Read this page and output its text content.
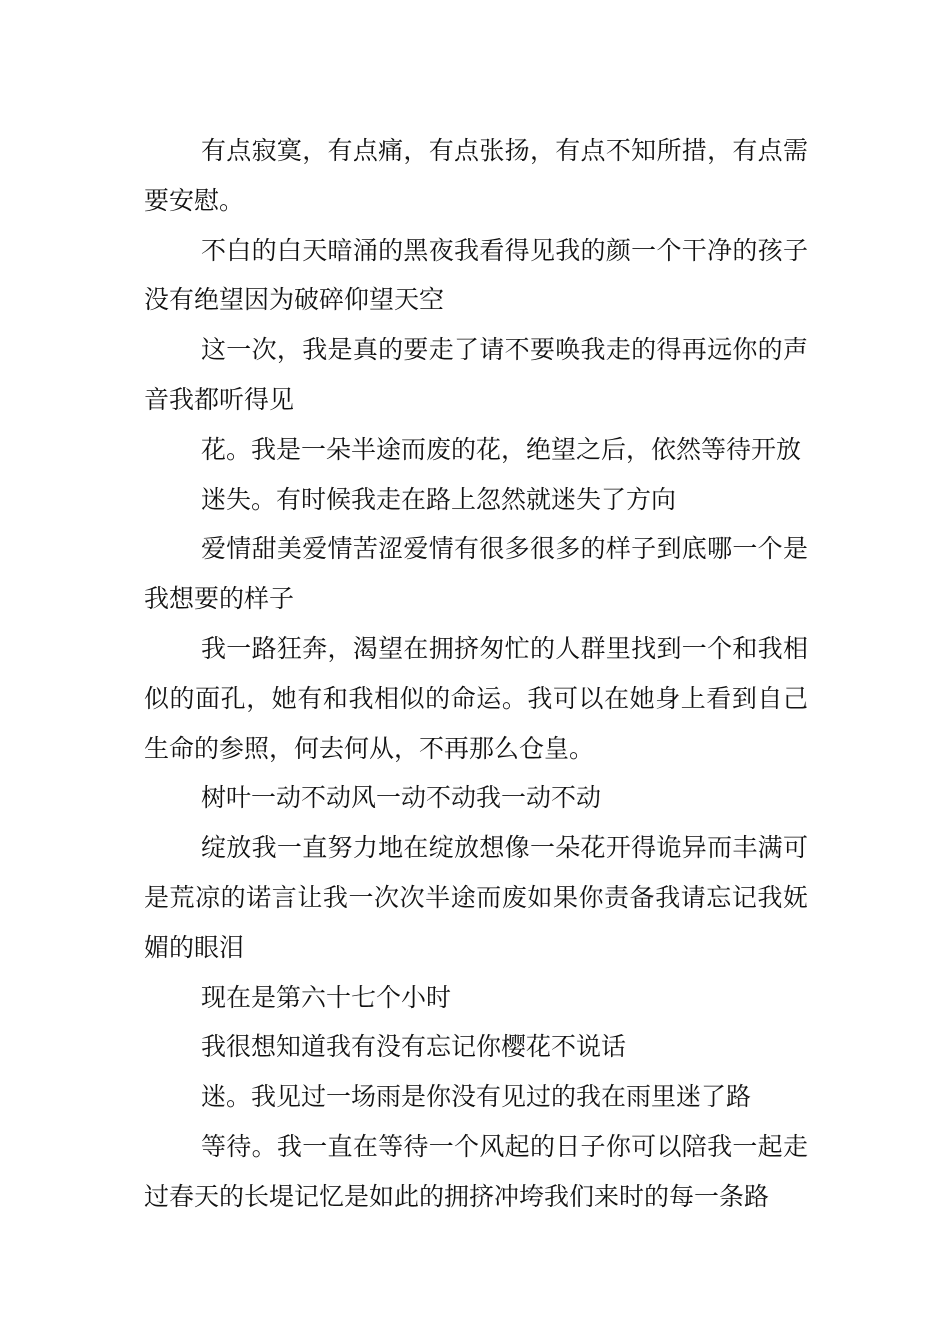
有点寂寞，有点痛，有点张扬，有点不知所措，有点需要安慰。

不白的白天暗涌的黑夜我看得见我的颜一个干净的孩子没有绝望因为破碎仰望天空

这一次，我是真的要走了请不要唤我走的得再远你的声音我都听得见

花。我是一朵半途而废的花，绝望之后，依然等待开放

迷失。有时候我走在路上忽然就迷失了方向

爱情甜美爱情苦涩爱情有很多很多的样子到底哪一个是我想要的样子

我一路狂奔，渴望在拥挤匆忙的人群里找到一个和我相似的面孔，她有和我相似的命运。我可以在她身上看到自己生命的参照，何去何从，不再那么仓皇。

树叶一动不动风一动不动我一动不动

绽放我一直努力地在绽放想像一朵花开得诡异而丰满可是荒凉的诺言让我一次次半途而废如果你责备我请忘记我妩媚的眼泪

现在是第六十七个小时

我很想知道我有没有忘记你樱花不说话

迷。我见过一场雨是你没有见过的我在雨里迷了路

等待。我一直在等待一个风起的日子你可以陪我一起走过春天的长堤记忆是如此的拥挤冲垮我们来时的每一条路
